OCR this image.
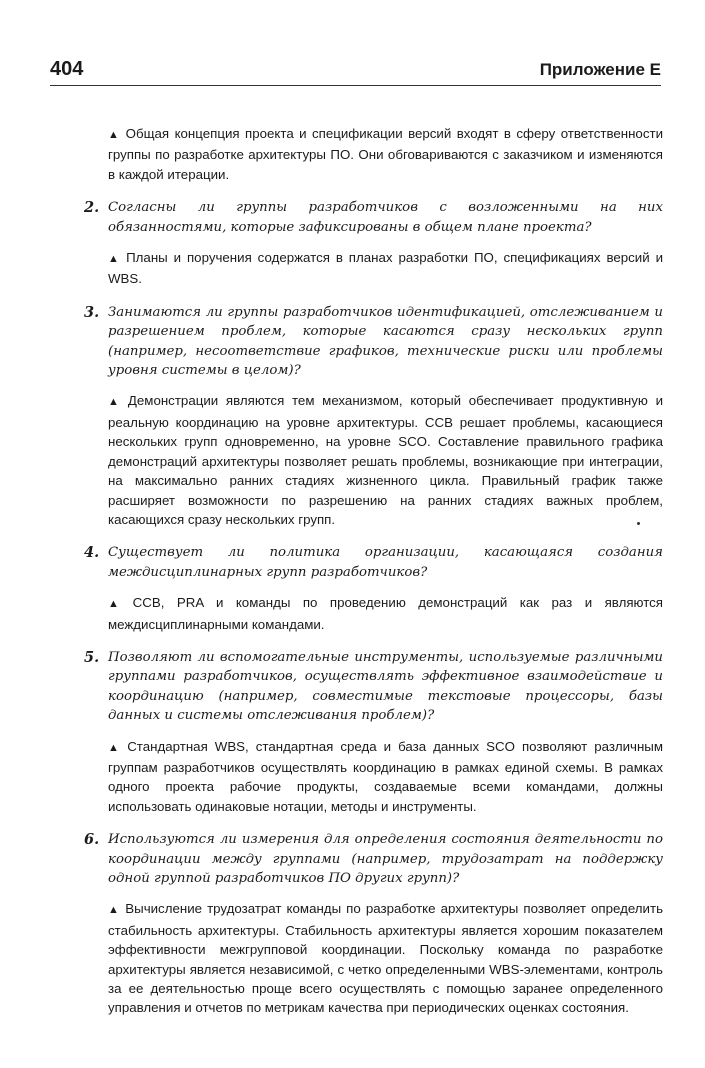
404	Приложение Е

▲ Общая концепция проекта и спецификации версий входят в сферу ответственности группы по разработке архитектуры ПО. Они обговариваются с заказчиком и изменяются в каждой итерации.

2. Согласны ли группы разработчиков с возложенными на них обязанностями, которые зафиксированы в общем плане проекта?

▲ Планы и поручения содержатся в планах разработки ПО, спецификациях версий и WBS.

3. Занимаются ли группы разработчиков идентификацией, отслеживанием и разрешением проблем, которые касаются сразу нескольких групп (например, несоответствие графиков, технические риски или проблемы уровня системы в целом)?

▲ Демонстрации являются тем механизмом, который обеспечивает продуктивную и реальную координацию на уровне архитектуры. CCB решает проблемы, касающиеся нескольких групп одновременно, на уровне SCO. Составление правильного графика демонстраций архитектуры позволяет решать проблемы, возникающие при интеграции, на максимально ранних стадиях жизненного цикла. Правильный график также расширяет возможности по разрешению на ранних стадиях важных проблем, касающихся сразу нескольких групп.

4. Существует ли политика организации, касающаяся создания междисциплинарных групп разработчиков?

▲ CCB, PRA и команды по проведению демонстраций как раз и являются междисциплинарными командами.

5. Позволяют ли вспомогательные инструменты, используемые различными группами разработчиков, осуществлять эффективное взаимодействие и координацию (например, совместимые текстовые процессоры, базы данных и системы отслеживания проблем)?

▲ Стандартная WBS, стандартная среда и база данных SCO позволяют различным группам разработчиков осуществлять координацию в рамках единой схемы. В рамках одного проекта рабочие продукты, создаваемые всеми командами, должны использовать одинаковые нотации, методы и инструменты.

6. Используются ли измерения для определения состояния деятельности по координации между группами (например, трудозатрат на поддержку одной группой разработчиков ПО других групп)?

▲ Вычисление трудозатрат команды по разработке архитектуры позволяет определить стабильность архитектуры. Стабильность архитектуры является хорошим показателем эффективности межгрупповой координации. Поскольку команда по разработке архитектуры является независимой, с четко определенными WBS-элементами, контроль за ее деятельностью проще всего осуществлять с помощью заранее определенного управления и отчетов по метрикам качества при периодических оценках состояния.
